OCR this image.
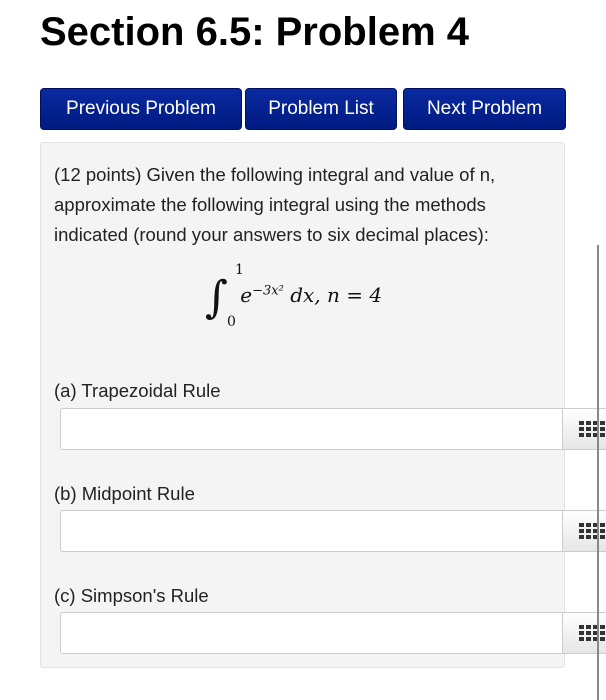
Section 6.5: Problem 4
Previous Problem	Problem List	Next Problem
(12 points) Given the following integral and value of n, approximate the following integral using the methods indicated (round your answers to six decimal places):
∫
1
0
$e^{-3x^2}$ dx, n = 4
(a) Trapezoidal Rule
(b) Midpoint Rule
(c) Simpson's Rule
